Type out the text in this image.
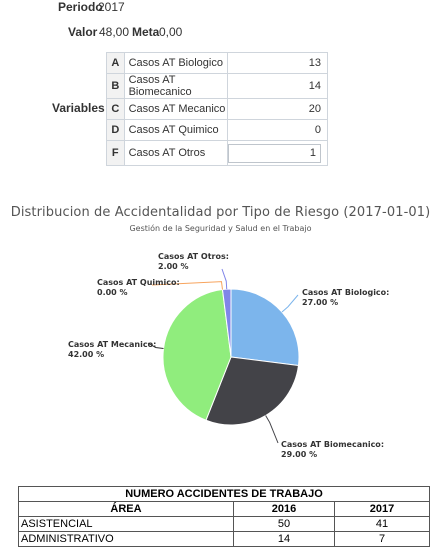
Periodo
2017
Valor 48,00 Meta 0,00
Variables
A	Casos AT Biologico	13
B	Casos AT Biomecanico	14
C	Casos AT Mecanico	20
D	Casos AT Quimico	0
F	Casos AT Otros	1
Distribucion de Accidentalidad por Tipo de Riesgo (2017-01-01)
Gestión de la Seguridad y Salud en el Trabajo
Casos AT Biologico:
27.00 %
Casos AT Biomecanico:
29.00 %
Casos AT Mecanico:
42.00 %
Casos AT Quimico:
0.00 %
Casos AT Otros:
2.00 %
NUMERO ACCIDENTES DE TRABAJO		
ÁREA	2016	2017
ASISTENCIAL	50	41
ADMINISTRATIVO	14	7
